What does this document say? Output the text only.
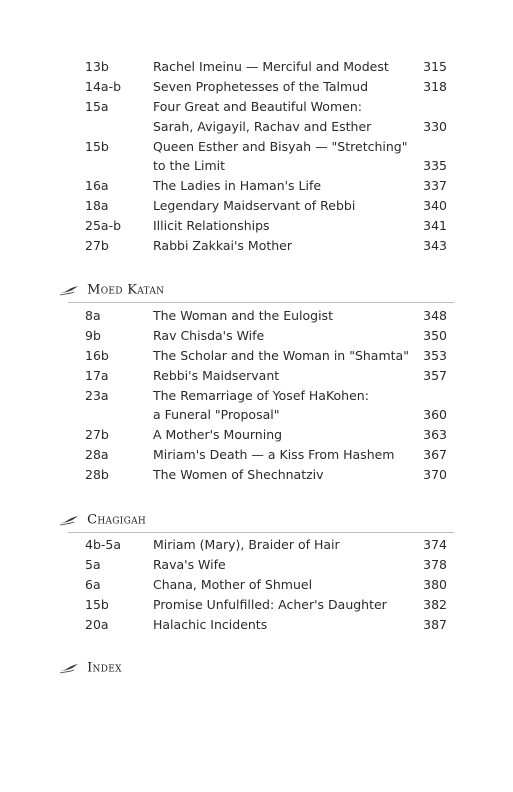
13b	Rachel Imeinu — Merciful and Modest	315
14a-b	Seven Prophetesses of the Talmud	318
15a	Four Great and Beautiful Women:
Sarah, Avigayil, Rachav and Esther	330
15b	Queen Esther and Bisyah — "Stretching"
to the Limit	335
16a	The Ladies in Haman's Life	337
18a	Legendary Maidservant of Rebbi	340
25a-b	Illicit Relationships	341
27b	Rabbi Zakkai's Mother	343
Moed Katan
8a	The Woman and the Eulogist	348
9b	Rav Chisda's Wife	350
16b	The Scholar and the Woman in "Shamta" 353
17a	Rebbi's Maidservant	357
23a	The Remarriage of Yosef HaKohen:
a Funeral "Proposal"	360
27b	A Mother's Mourning	363
28a	Miriam's Death — a Kiss From Hashem 367
28b	The Women of Shechnatziv	370
Chagigah
4b-5a	Miriam (Mary), Braider of Hair	374
5a	Rava's Wife	378
6a	Chana, Mother of Shmuel	380
15b	Promise Unfulfilled: Acher's Daughter	382
20a	Halachic Incidents	387
Index
